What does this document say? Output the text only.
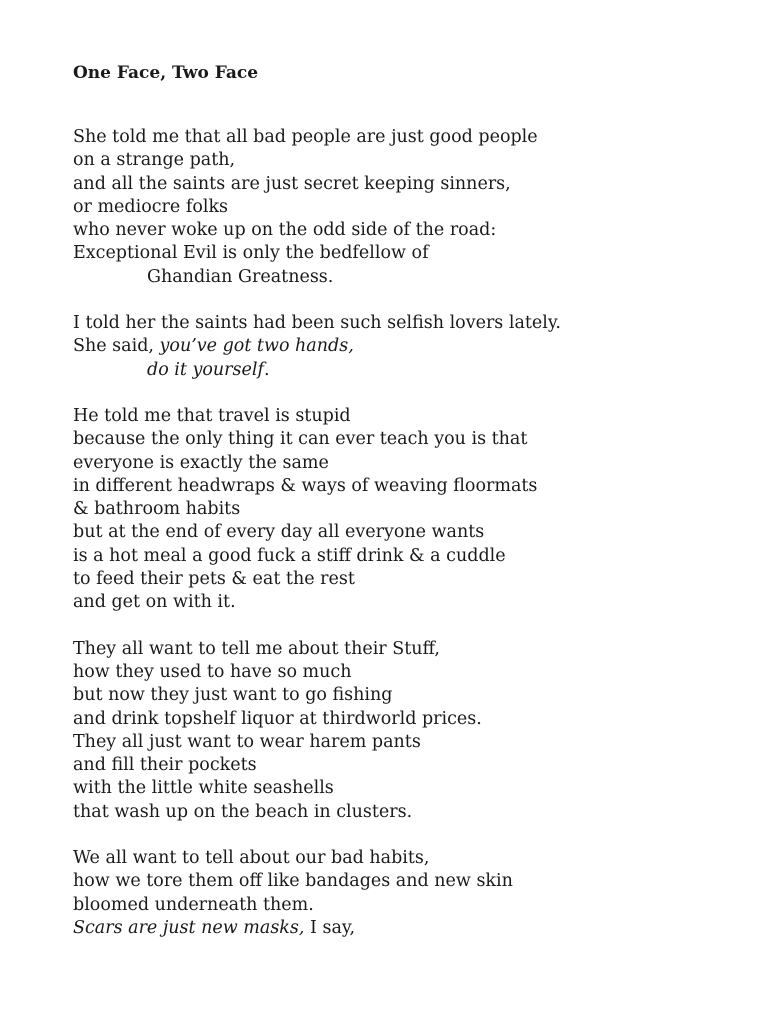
One Face, Two Face
She told me that all bad people are just good people
on a strange path,
and all the saints are just secret keeping sinners,
or mediocre folks
who never woke up on the odd side of the road:
Exceptional Evil is only the bedfellow of
Ghandian Greatness.
I told her the saints had been such selfish lovers lately.
She said, you’ve got two hands,
do it yourself.
He told me that travel is stupid
because the only thing it can ever teach you is that
everyone is exactly the same
in different headwraps & ways of weaving floormats
& bathroom habits
but at the end of every day all everyone wants
is a hot meal a good fuck a stiff drink & a cuddle
to feed their pets & eat the rest
and get on with it.
They all want to tell me about their Stuff,
how they used to have so much
but now they just want to go fishing
and drink topshelf liquor at thirdworld prices.
They all just want to wear harem pants
and fill their pockets
with the little white seashells
that wash up on the beach in clusters.
We all want to tell about our bad habits,
how we tore them off like bandages and new skin
bloomed underneath them.
Scars are just new masks, I say,
